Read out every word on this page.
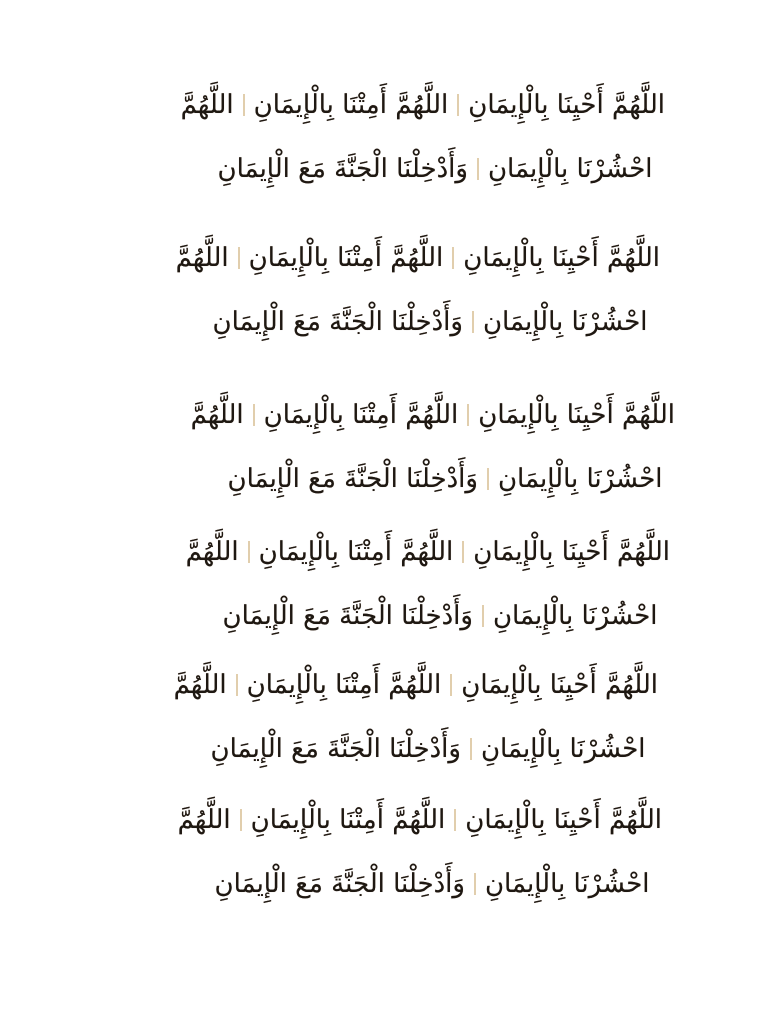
اللَّهُمَّ أَحْيِنَا بِالْإِيمَانِ
اللَّهُمَّ أَمِتْنَا بِالْإِيمَانِ
اللَّهُمَّ
احْشُرْنَا بِالْإِيمَانِ
وَأَدْخِلْنَا الْجَنَّةَ مَعَ الْإِيمَانِ
اللَّهُمَّ أَحْيِنَا بِالْإِيمَانِ
اللَّهُمَّ أَمِتْنَا بِالْإِيمَانِ
اللَّهُمَّ
احْشُرْنَا بِالْإِيمَانِ
وَأَدْخِلْنَا الْجَنَّةَ مَعَ الْإِيمَانِ
اللَّهُمَّ أَحْيِنَا بِالْإِيمَانِ
اللَّهُمَّ أَمِتْنَا بِالْإِيمَانِ
اللَّهُمَّ
احْشُرْنَا بِالْإِيمَانِ
وَأَدْخِلْنَا الْجَنَّةَ مَعَ الْإِيمَانِ
اللَّهُمَّ أَحْيِنَا بِالْإِيمَانِ
اللَّهُمَّ أَمِتْنَا بِالْإِيمَانِ
اللَّهُمَّ
احْشُرْنَا بِالْإِيمَانِ
وَأَدْخِلْنَا الْجَنَّةَ مَعَ الْإِيمَانِ
اللَّهُمَّ أَحْيِنَا بِالْإِيمَانِ
اللَّهُمَّ أَمِتْنَا بِالْإِيمَانِ
اللَّهُمَّ
احْشُرْنَا بِالْإِيمَانِ
وَأَدْخِلْنَا الْجَنَّةَ مَعَ الْإِيمَانِ
اللَّهُمَّ أَحْيِنَا بِالْإِيمَانِ
اللَّهُمَّ أَمِتْنَا بِالْإِيمَانِ
اللَّهُمَّ
احْشُرْنَا بِالْإِيمَانِ
وَأَدْخِلْنَا الْجَنَّةَ مَعَ الْإِيمَانِ
